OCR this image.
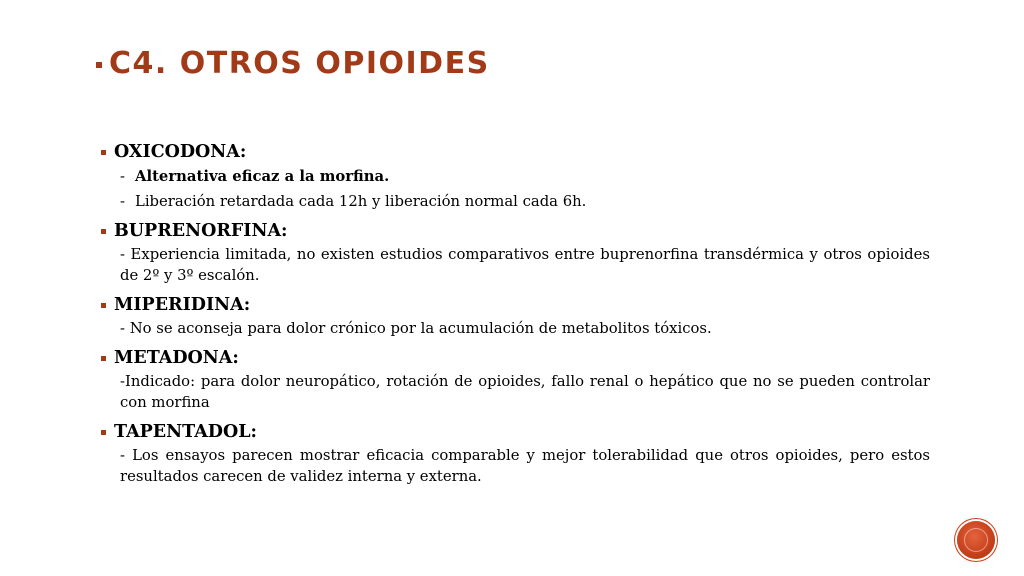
C4. OTROS OPIOIDES
OXICODONA:
- Alternativa eficaz a la morfina.
- Liberación retardada cada 12h y liberación normal cada 6h.
BUPRENORFINA:
- Experiencia limitada, no existen estudios comparativos entre buprenorfina transdérmica y otros opioides de 2º y 3º escalón.
MIPERIDINA:
- No se aconseja para dolor crónico por la acumulación de metabolitos tóxicos.
METADONA:
-Indicado: para dolor neuropático, rotación de opioides, fallo renal o hepático que no se pueden controlar con morfina
TAPENTADOL:
- Los ensayos parecen mostrar eficacia comparable y mejor tolerabilidad que otros opioides, pero estos resultados carecen de validez interna y externa.
